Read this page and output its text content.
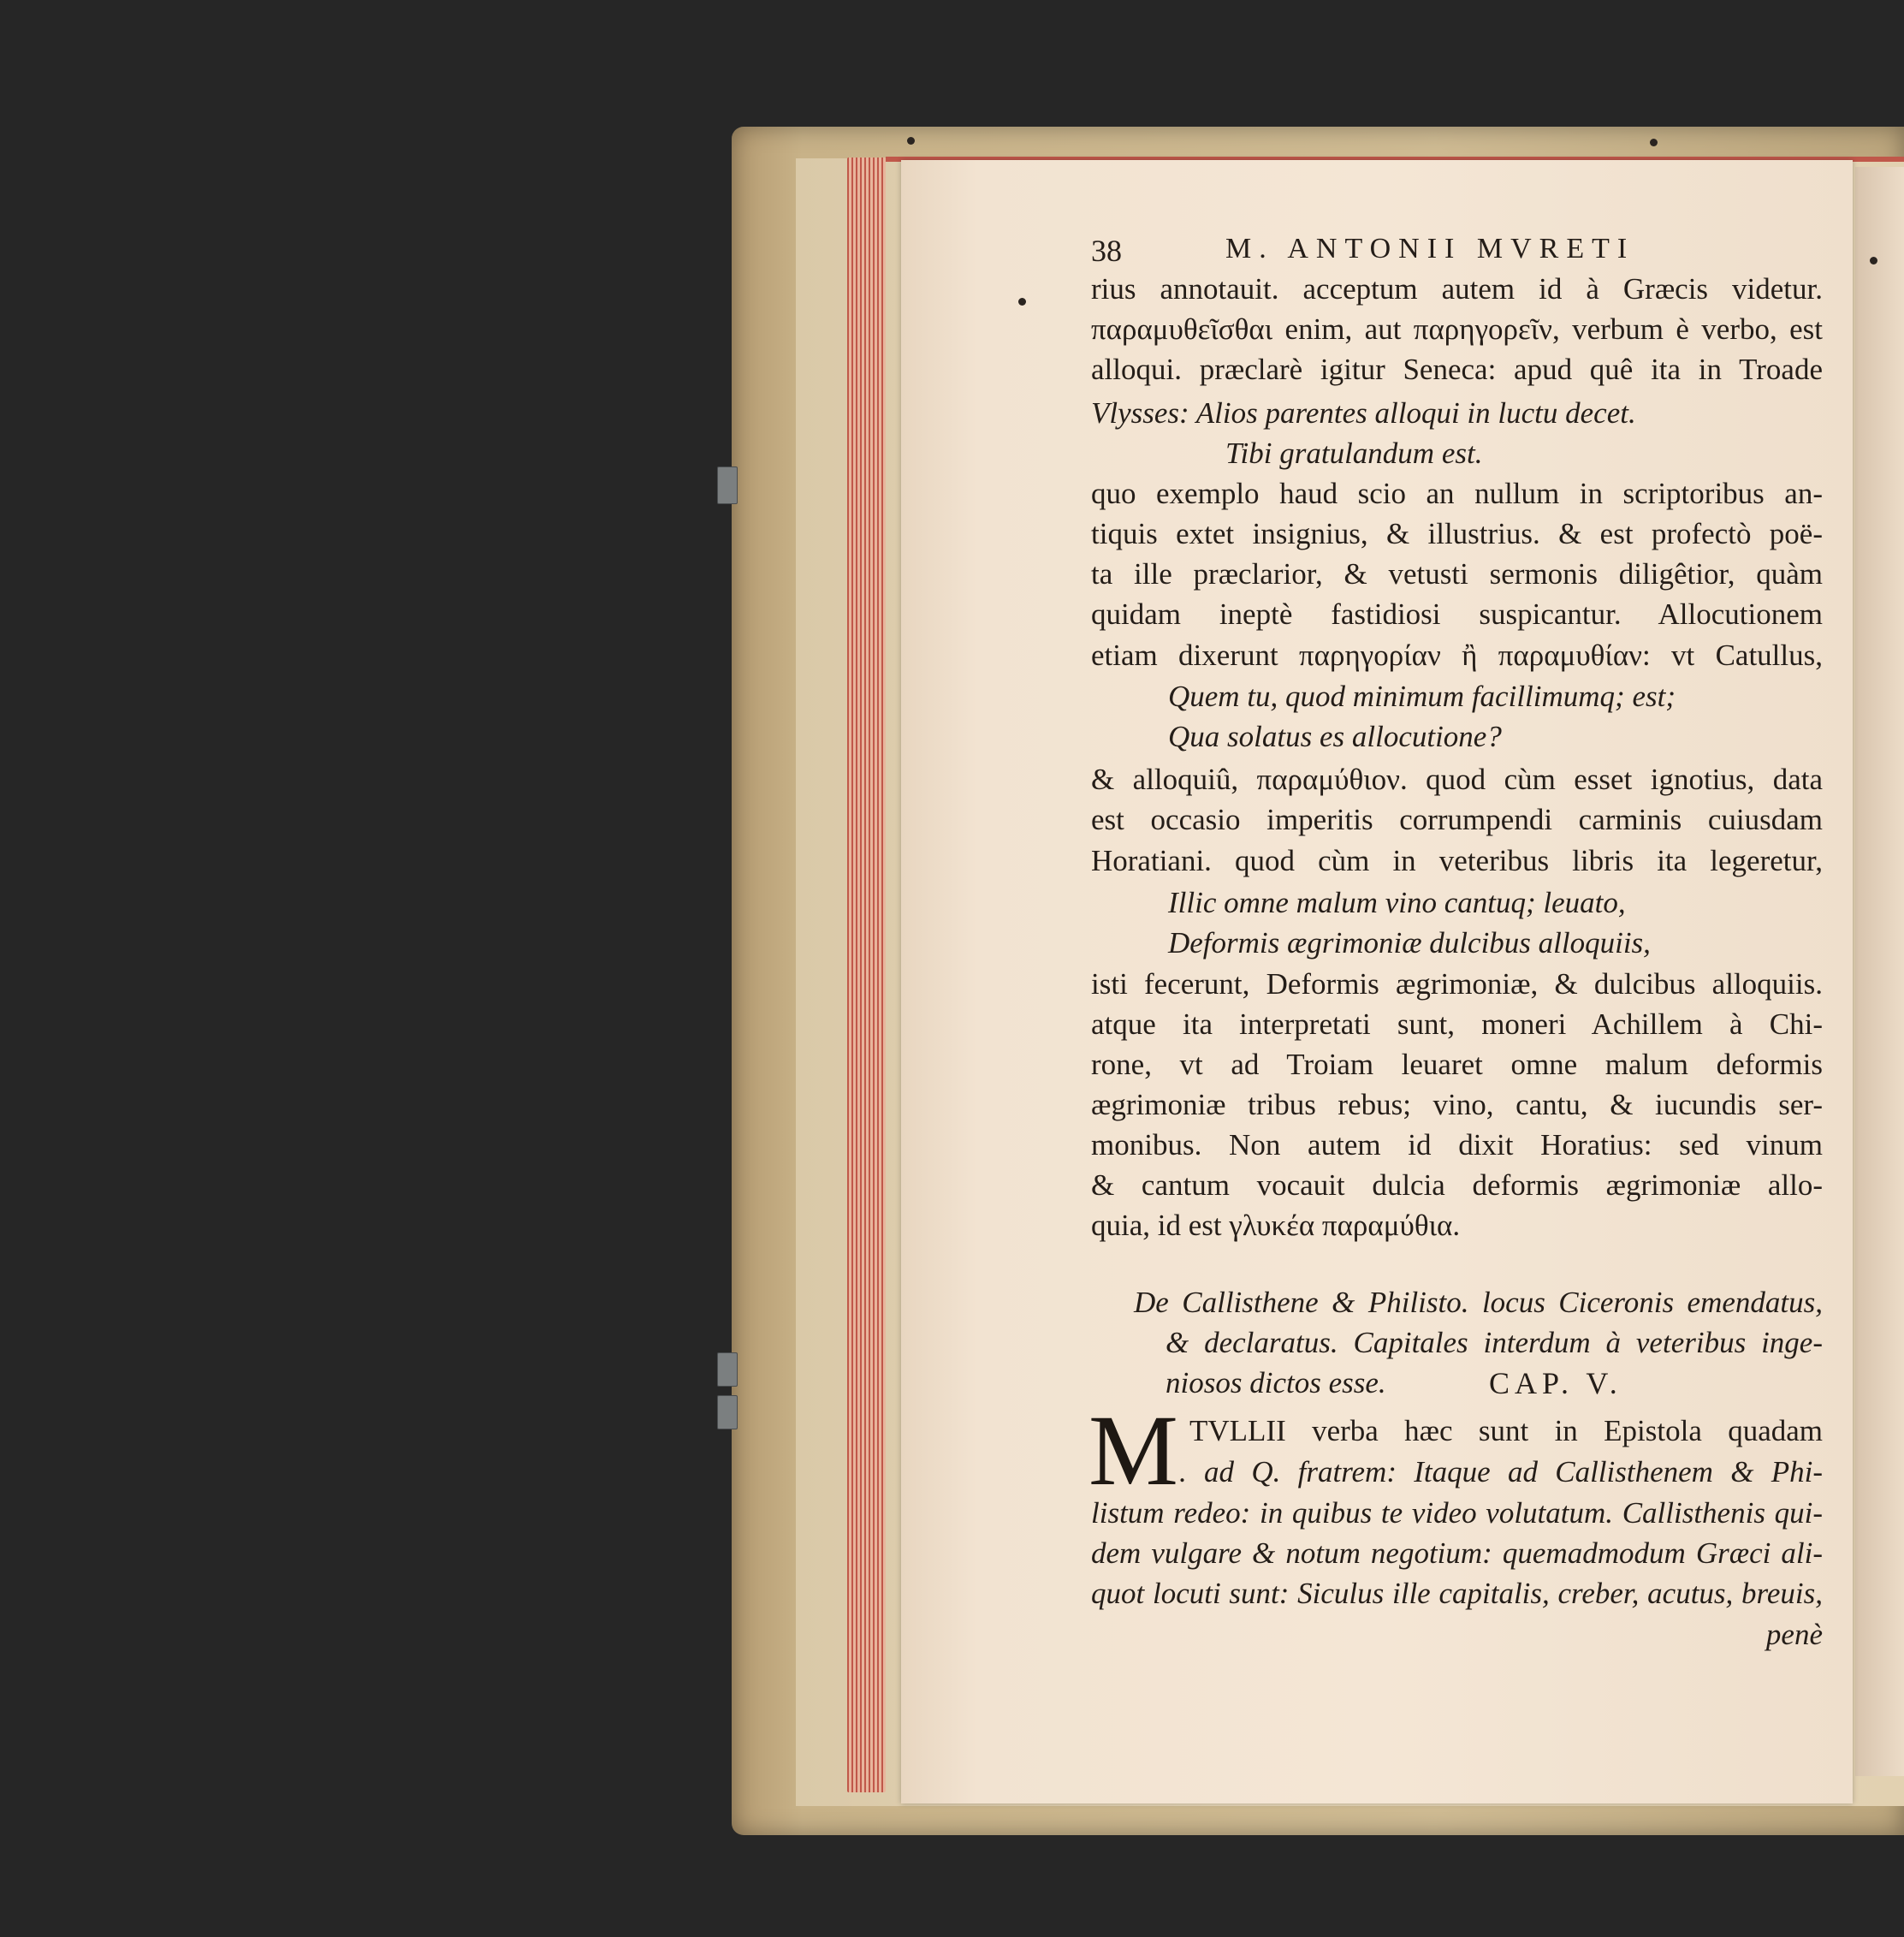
38	M. ANTONII MVRETI
rius annotauit. acceptum autem id à Græcis videtur.
παραμυθεῖσθαι enim, aut παρηγορεῖν, verbum è verbo, est
alloqui. præclarè igitur Seneca: apud quê ita in Troade
Vlysses: Alios parentes alloqui in luctu decet.
Tibi gratulandum est.
quo exemplo haud scio an nullum in scriptoribus an-
tiquis extet insignius, & illustrius. & est profectò poë-
ta ille præclarior, & vetusti sermonis diligêtior, quàm
quidam ineptè fastidiosi suspicantur. Allocutionem
etiam dixerunt παρηγορίαν ἢ παραμυθίαν: vt Catullus,
Quem tu, quod minimum facillimumq; est;
Qua solatus es allocutione?
& alloquiû, παραμύθιον. quod cùm esset ignotius, data
est occasio imperitis corrumpendi carminis cuiusdam
Horatiani. quod cùm in veteribus libris ita legeretur,
Illic omne malum vino cantuq; leuato,
Deformis ægrimoniæ dulcibus alloquiis,
isti fecerunt, Deformis ægrimoniæ, & dulcibus alloquiis.
atque ita interpretati sunt, moneri Achillem à Chi-
rone, vt ad Troiam leuaret omne malum deformis
ægrimoniæ tribus rebus; vino, cantu, & iucundis ser-
monibus. Non autem id dixit Horatius: sed vinum
& cantum vocauit dulcia deformis ægrimoniæ allo-
quia, id est γλυκέα παραμύθια.
De Callisthene & Philisto. locus Ciceronis emendatus,
& declaratus. Capitales interdum à veteribus inge-
niosos dictos esse.	CAP. V.
M TVLLII verba hæc sunt in Epistola quadam
. ad Q. fratrem: Itaque ad Callisthenem & Phi-
listum redeo: in quibus te video volutatum. Callisthenis qui-
dem vulgare & notum negotium: quemadmodum Græci ali-
quot locuti sunt: Siculus ille capitalis, creber, acutus, breuis,
penè
